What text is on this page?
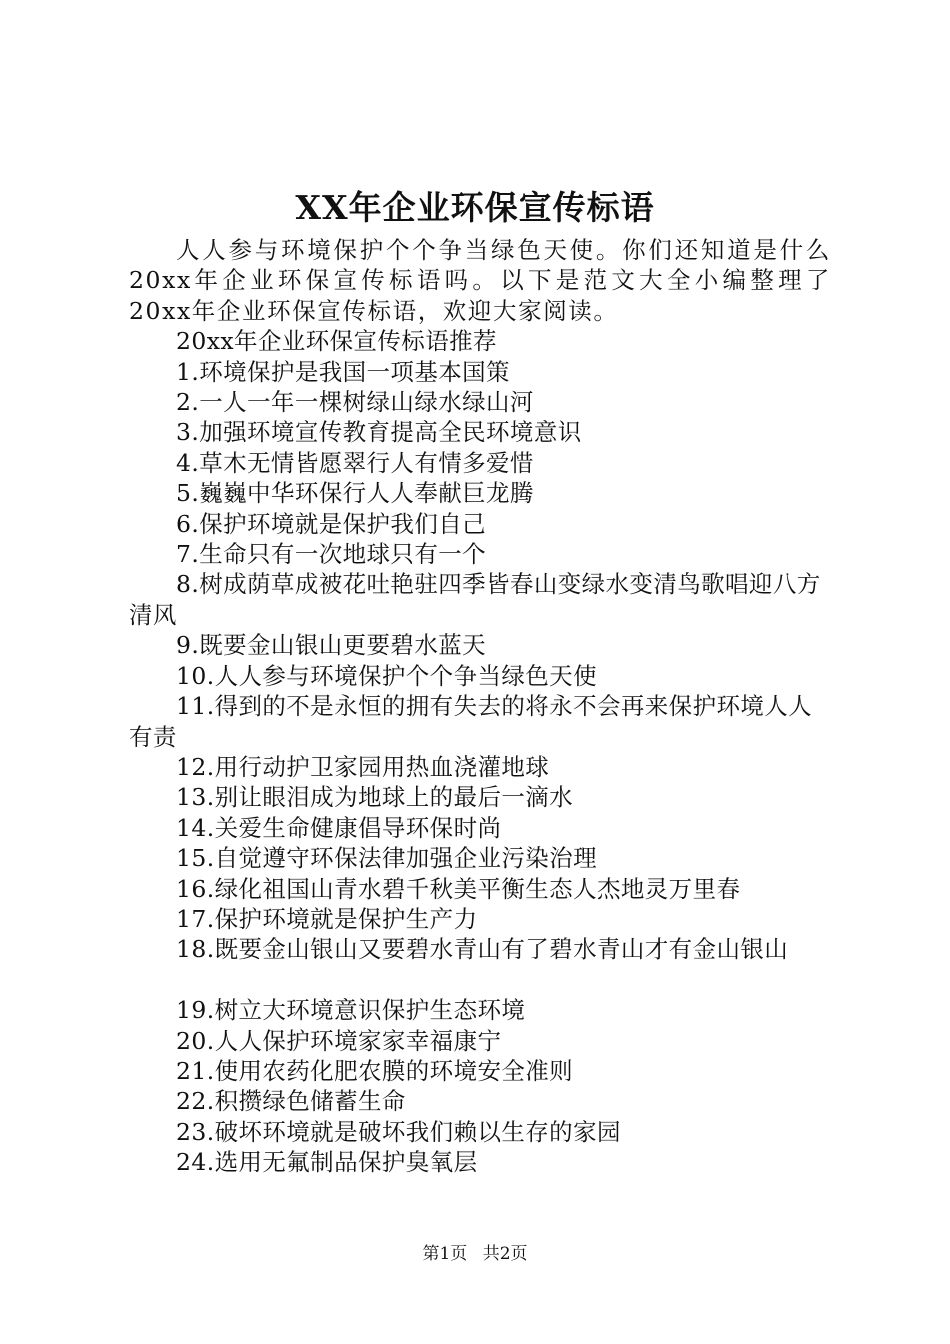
XX年企业环保宣传标语

人人参与环境保护个个争当绿色天使。你们还知道是什么20xx年企业环保宣传标语吗。以下是范文大全小编整理了20xx年企业环保宣传标语，欢迎大家阅读。

20xx年企业环保宣传标语推荐

1.环境保护是我国一项基本国策

2.一人一年一棵树绿山绿水绿山河

3.加强环境宣传教育提高全民环境意识

4.草木无情皆愿翠行人有情多爱惜

5.巍巍中华环保行人人奉献巨龙腾

6.保护环境就是保护我们自己

7.生命只有一次地球只有一个

8.树成荫草成被花吐艳驻四季皆春山变绿水变清鸟歌唱迎八方清风

9.既要金山银山更要碧水蓝天

10.人人参与环境保护个个争当绿色天使

11.得到的不是永恒的拥有失去的将永不会再来保护环境人人有责

12.用行动护卫家园用热血浇灌地球

13.别让眼泪成为地球上的最后一滴水

14.关爱生命健康倡导环保时尚

15.自觉遵守环保法律加强企业污染治理

16.绿化祖国山青水碧千秋美平衡生态人杰地灵万里春

17.保护环境就是保护生产力

18.既要金山银山又要碧水青山有了碧水青山才有金山银山

19.树立大环境意识保护生态环境

20.人人保护环境家家幸福康宁

21.使用农药化肥农膜的环境安全准则

22.积攒绿色储蓄生命

23.破坏环境就是破坏我们赖以生存的家园

24.选用无氟制品保护臭氧层

第1页 共2页
